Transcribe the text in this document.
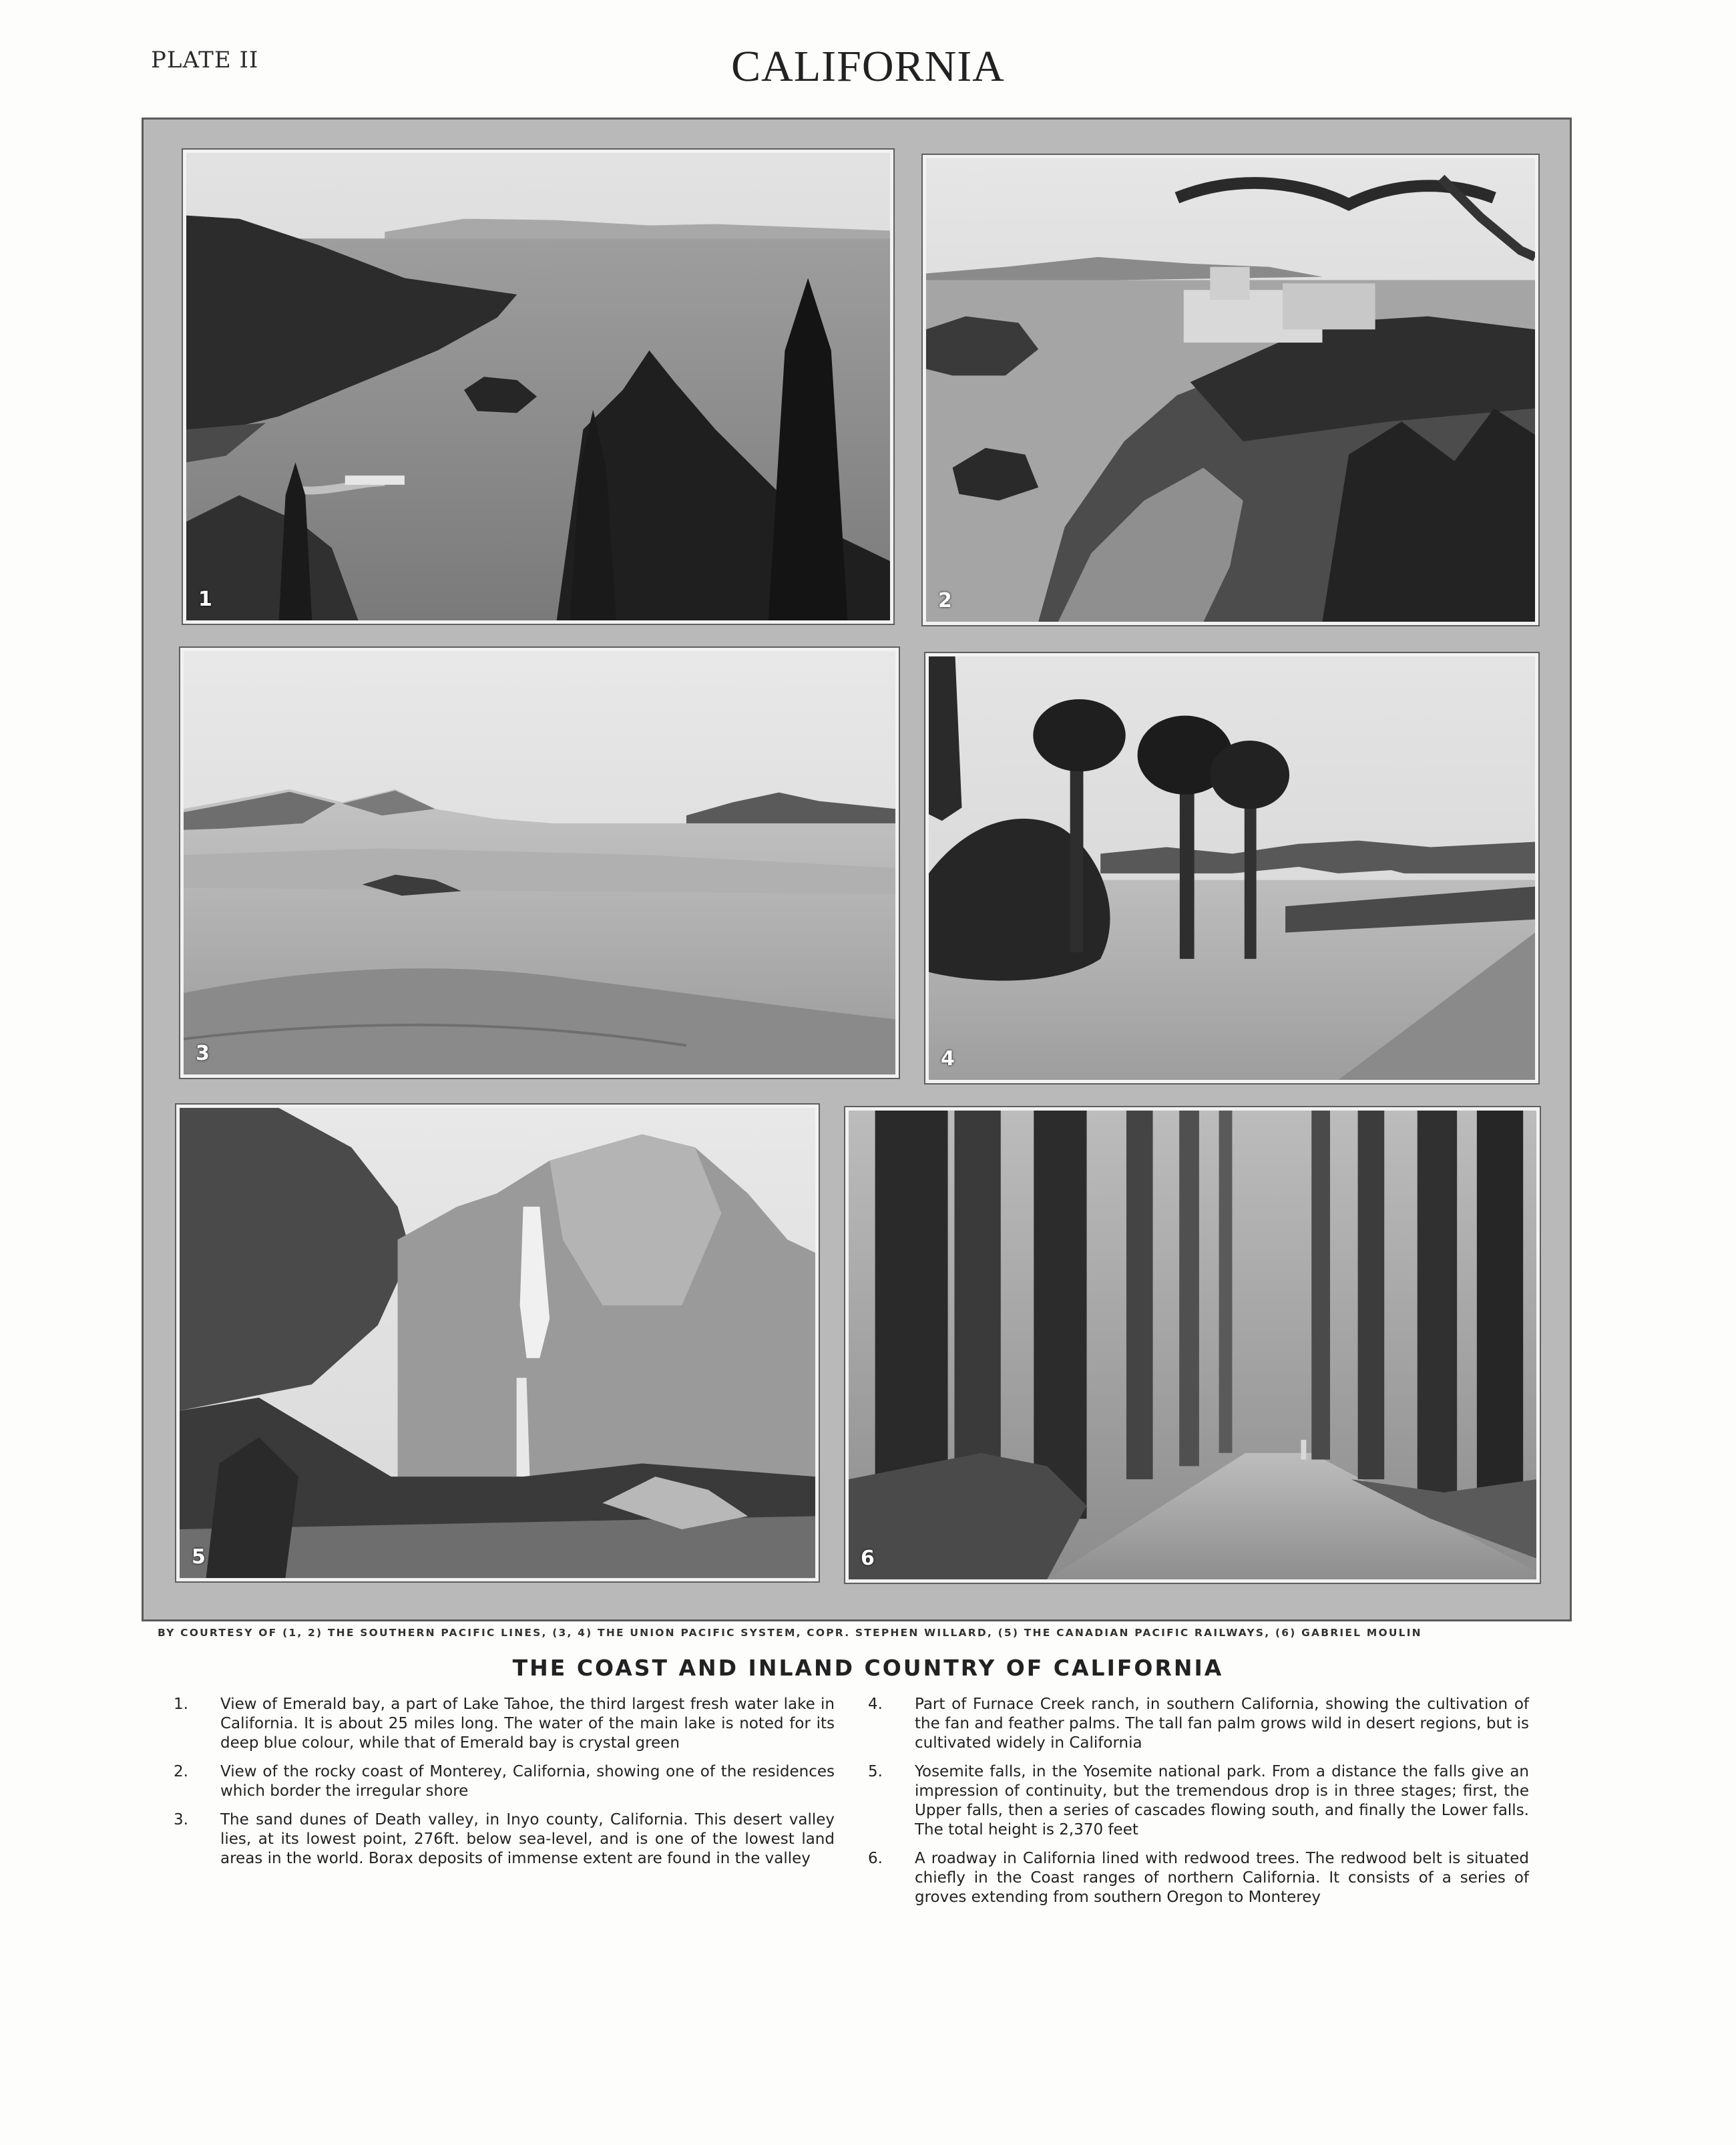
PLATE II	CALIFORNIA
1	2
3	4
5	6
BY COURTESY OF (1, 2) THE SOUTHERN PACIFIC LINES, (3, 4) THE UNION PACIFIC SYSTEM, COPR. STEPHEN WILLARD, (5) THE CANADIAN PACIFIC RAILWAYS, (6) GABRIEL MOULIN
THE COAST AND INLAND COUNTRY OF CALIFORNIA

1. View of Emerald bay, a part of Lake Tahoe, the third largest fresh water lake in California. It is about 25 miles long. The water of the main lake is noted for its deep blue colour, while that of Emerald bay is crystal green

2. View of the rocky coast of Monterey, California, showing one of the residences which border the irregular shore

3. The sand dunes of Death valley, in Inyo county, California. This desert valley lies, at its lowest point, 276ft. below sea-level, and is one of the lowest land areas in the world. Borax deposits of immense extent are found in the valley

4. Part of Furnace Creek ranch, in southern California, showing the cultivation of the fan and feather palms. The tall fan palm grows wild in desert regions, but is cultivated widely in California

5. Yosemite falls, in the Yosemite national park. From a distance the falls give an impression of continuity, but the tremendous drop is in three stages; first, the Upper falls, then a series of cascades flowing south, and finally the Lower falls. The total height is 2,370 feet

6. A roadway in California lined with redwood trees. The redwood belt is situated chiefly in the Coast ranges of northern California. It consists of a series of groves extending from southern Oregon to Monterey
